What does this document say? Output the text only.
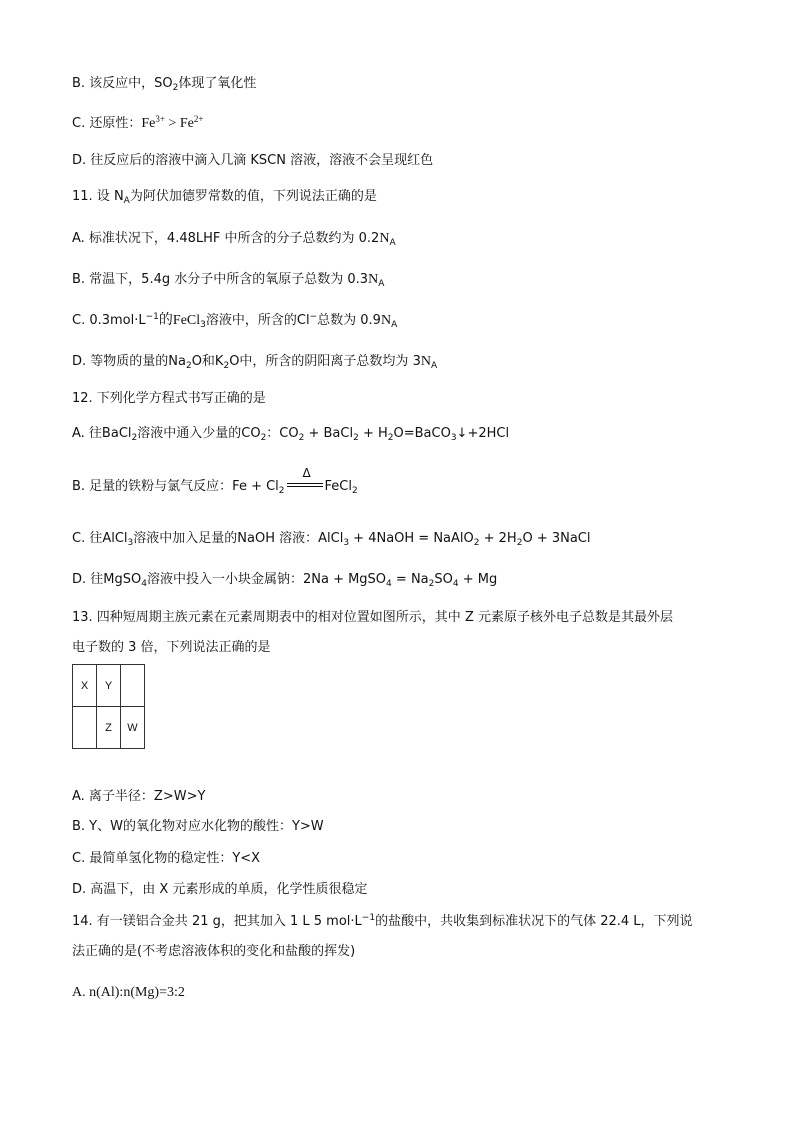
B. 该反应中，$SO_2$体现了氧化性
C. 还原性：$Fe^{3+} > Fe^{2+}$
D. 往反应后的溶液中滴入几滴 KSCN 溶液，溶液不会呈现红色
11. 设 $N_A$为阿伏加德罗常数的值，下列说法正确的是
A. 标准状况下，4.48LHF 中所含的分子总数约为 $0.2N_A$
B. 常温下，5.4g 水分子中所含的氧原子总数为 $0.3N_A$
C. $0.3mol\cdot L^{-1}$的FeCl$_3$溶液中，所含的Cl−总数为 $0.9N_A$
D. 等物质的量的$Na_2O$和$K_2O$中，所含的阴阳离子总数均为 $3N_A$
12. 下列化学方程式书写正确的是
A. 往BaCl$_2$溶液中通入少量的$CO_2$：$CO_2$ + BaCl$_2$ + $H_2O=BaCO_3↓+2HCl$
B. 足量的铁粉与氯气反应：$Fe + Cl_2$
Δ
FeCl$_2$
C. 往AlCl$_3$溶液中加入足量的NaOH 溶液：AlCl$_3$ + 4NaOH = NaAlO$_2$ + $2H_2O$ + 3NaCl
D. 往MgSO$_4$溶液中投入一小块金属钠：2Na + MgSO$_4$ = $Na_2SO_4 + Mg$
13. 四种短周期主族元素在元素周期表中的相对位置如图所示，其中 Z 元素原子核外电子总数是其最外层
电子数的 3 倍，下列说法正确的是
X	Y	
	Z	W
A. 离子半径：Z>W>Y
B. Y、W的氧化物对应水化物的酸性：Y>W
C. 最简单氢化物的稳定性：Y<X
D. 高温下，由 X 元素形成的单质，化学性质很稳定
14. 有一镁铝合金共 21 g，把其加入 1 L 5 $mol\cdot L^{-1}$的盐酸中，共收集到标准状况下的气体 22.4 L，下列说
法正确的是(不考虑溶液体积的变化和盐酸的挥发)
A. n(Al):n(Mg)=3:2
